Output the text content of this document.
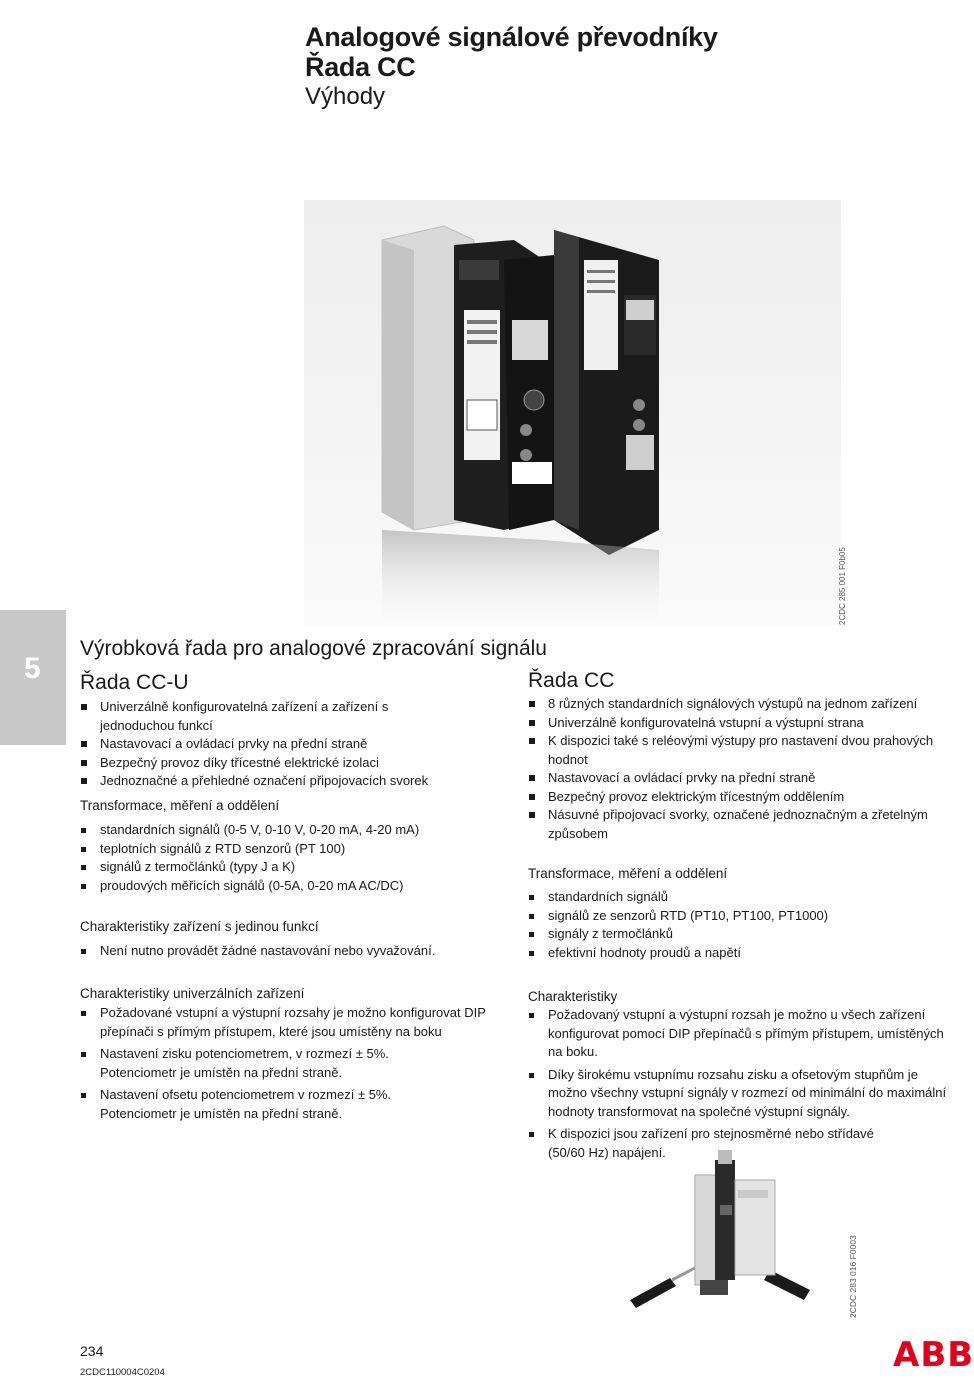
Analogové signálové převodníky
Řada CC
Výhody
2CDC 285 001 F0b05
5
Výrobková řada pro analogové zpracování signálu
Řada CC-U
Univerzálně konfigurovatelná zařízení a zařízení s jednoduchou funkcí
Nastavovací a ovládací prvky na přední straně
Bezpečný provoz díky třícestné elektrické izolaci
Jednoznačné a přehledné označení připojovacích svorek
Transformace, měření a oddělení
standardních signálů (0-5 V, 0-10 V, 0-20 mA, 4-20 mA)
teplotních signálů z RTD senzorů (PT 100)
signálů z termočlánků (typy J a K)
proudových měřicích signálů (0-5A, 0-20 mA AC/DC)
Charakteristiky zařízení s jedinou funkcí
Není nutno provádět žádné nastavování nebo vyvažování.
Charakteristiky univerzálních zařízení
Požadované vstupní a výstupní rozsahy je možno konfigurovat DIP přepínači s přímým přístupem, které jsou umístěny na boku
Nastavení zisku potenciometrem, v rozmezí ± 5%. Potenciometr je umístěn na přední straně.
Nastavení ofsetu potenciometrem v rozmezí ± 5%. Potenciometr je umístěn na přední straně.
Řada CC
8 různých standardních signálových výstupů na jednom zařízení
Univerzálně konfigurovatelná vstupní a výstupní strana
K dispozici také s reléovými výstupy pro nastavení dvou prahových hodnot
Nastavovací a ovládací prvky na přední straně
Bezpečný provoz elektrickým třícestným oddělením
Násuvné připojovací svorky, označené jednoznačným a zřetelným způsobem
Transformace, měření a oddělení
standardních signálů
signálů ze senzorů RTD (PT10, PT100, PT1000)
signály z termočlánků
efektivní hodnoty proudů a napětí
Charakteristiky
Požadovaný vstupní a výstupní rozsah je možno u všech zařízení konfigurovat pomocí DIP přepínačů s přímým přístupem, umístěných na boku.
Díky širokému vstupnímu rozsahu zisku a ofsetovým stupňům je možno všechny vstupní signály v rozmezí od minimální do maximální hodnoty transformovat na společné výstupní signály.
K dispozici jsou zařízení pro stejnosměrné nebo střídavé (50/60 Hz) napájení.
2CDC 283 016 F0003
234
2CDC110004C0204	ABB
